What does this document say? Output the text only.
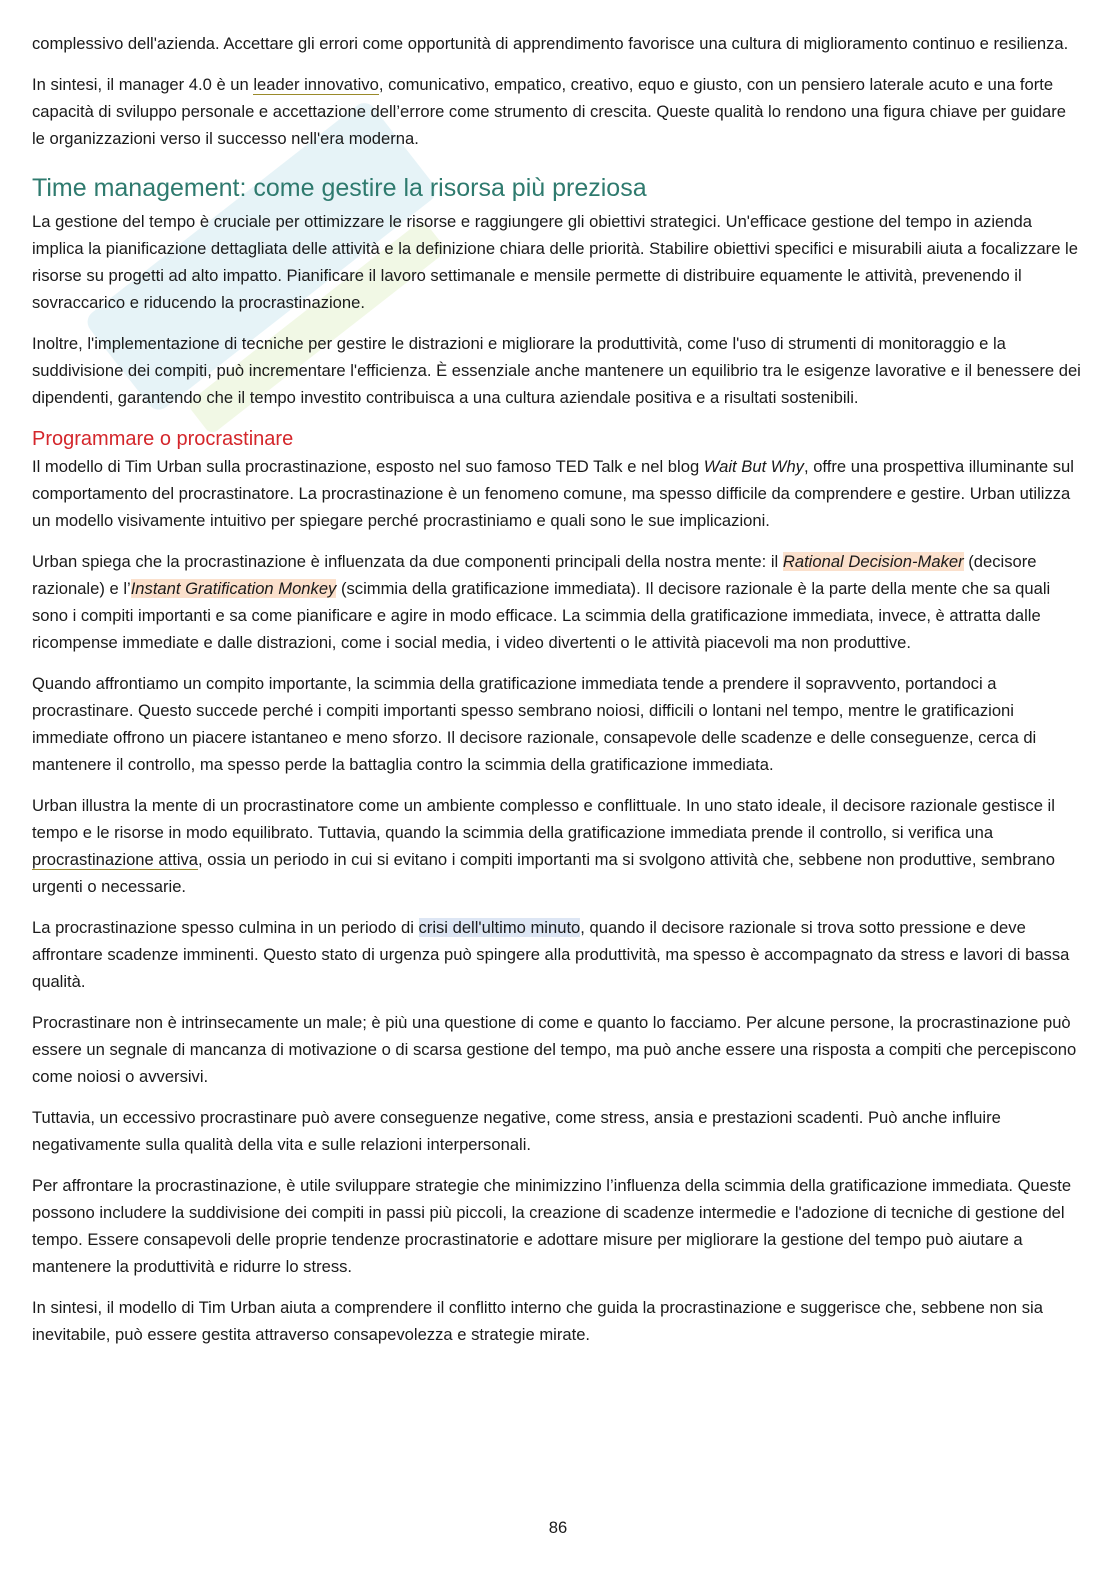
complessivo dell'azienda. Accettare gli errori come opportunità di apprendimento favorisce una cultura di miglioramento continuo e resilienza.

In sintesi, il manager 4.0 è un leader innovativo, comunicativo, empatico, creativo, equo e giusto, con un pensiero laterale acuto e una forte capacità di sviluppo personale e accettazione dell’errore come strumento di crescita. Queste qualità lo rendono una figura chiave per guidare le organizzazioni verso il successo nell'era moderna.

Time management: come gestire la risorsa più preziosa

La gestione del tempo è cruciale per ottimizzare le risorse e raggiungere gli obiettivi strategici. Un'efficace gestione del tempo in azienda implica la pianificazione dettagliata delle attività e la definizione chiara delle priorità. Stabilire obiettivi specifici e misurabili aiuta a focalizzare le risorse su progetti ad alto impatto. Pianificare il lavoro settimanale e mensile permette di distribuire equamente le attività, prevenendo il sovraccarico e riducendo la procrastinazione.

Inoltre, l'implementazione di tecniche per gestire le distrazioni e migliorare la produttività, come l'uso di strumenti di monitoraggio e la suddivisione dei compiti, può incrementare l'efficienza. È essenziale anche mantenere un equilibrio tra le esigenze lavorative e il benessere dei dipendenti, garantendo che il tempo investito contribuisca a una cultura aziendale positiva e a risultati sostenibili.

Programmare o procrastinare

Il modello di Tim Urban sulla procrastinazione, esposto nel suo famoso TED Talk e nel blog Wait But Why, offre una prospettiva illuminante sul comportamento del procrastinatore. La procrastinazione è un fenomeno comune, ma spesso difficile da comprendere e gestire. Urban utilizza un modello visivamente intuitivo per spiegare perché procrastiniamo e quali sono le sue implicazioni.

Urban spiega che la procrastinazione è influenzata da due componenti principali della nostra mente: il Rational Decision-Maker (decisore razionale) e l’Instant Gratification Monkey (scimmia della gratificazione immediata). Il decisore razionale è la parte della mente che sa quali sono i compiti importanti e sa come pianificare e agire in modo efficace. La scimmia della gratificazione immediata, invece, è attratta dalle ricompense immediate e dalle distrazioni, come i social media, i video divertenti o le attività piacevoli ma non produttive.

Quando affrontiamo un compito importante, la scimmia della gratificazione immediata tende a prendere il sopravvento, portandoci a procrastinare. Questo succede perché i compiti importanti spesso sembrano noiosi, difficili o lontani nel tempo, mentre le gratificazioni immediate offrono un piacere istantaneo e meno sforzo. Il decisore razionale, consapevole delle scadenze e delle conseguenze, cerca di mantenere il controllo, ma spesso perde la battaglia contro la scimmia della gratificazione immediata.

Urban illustra la mente di un procrastinatore come un ambiente complesso e conflittuale. In uno stato ideale, il decisore razionale gestisce il tempo e le risorse in modo equilibrato. Tuttavia, quando la scimmia della gratificazione immediata prende il controllo, si verifica una procrastinazione attiva, ossia un periodo in cui si evitano i compiti importanti ma si svolgono attività che, sebbene non produttive, sembrano urgenti o necessarie.

La procrastinazione spesso culmina in un periodo di crisi dell'ultimo minuto, quando il decisore razionale si trova sotto pressione e deve affrontare scadenze imminenti. Questo stato di urgenza può spingere alla produttività, ma spesso è accompagnato da stress e lavori di bassa qualità.

Procrastinare non è intrinsecamente un male; è più una questione di come e quanto lo facciamo. Per alcune persone, la procrastinazione può essere un segnale di mancanza di motivazione o di scarsa gestione del tempo, ma può anche essere una risposta a compiti che percepiscono come noiosi o avversivi.

Tuttavia, un eccessivo procrastinare può avere conseguenze negative, come stress, ansia e prestazioni scadenti. Può anche influire negativamente sulla qualità della vita e sulle relazioni interpersonali.

Per affrontare la procrastinazione, è utile sviluppare strategie che minimizzino l’influenza della scimmia della gratificazione immediata. Queste possono includere la suddivisione dei compiti in passi più piccoli, la creazione di scadenze intermedie e l'adozione di tecniche di gestione del tempo. Essere consapevoli delle proprie tendenze procrastinatorie e adottare misure per migliorare la gestione del tempo può aiutare a mantenere la produttività e ridurre lo stress.

In sintesi, il modello di Tim Urban aiuta a comprendere il conflitto interno che guida la procrastinazione e suggerisce che, sebbene non sia inevitabile, può essere gestita attraverso consapevolezza e strategie mirate.

86
